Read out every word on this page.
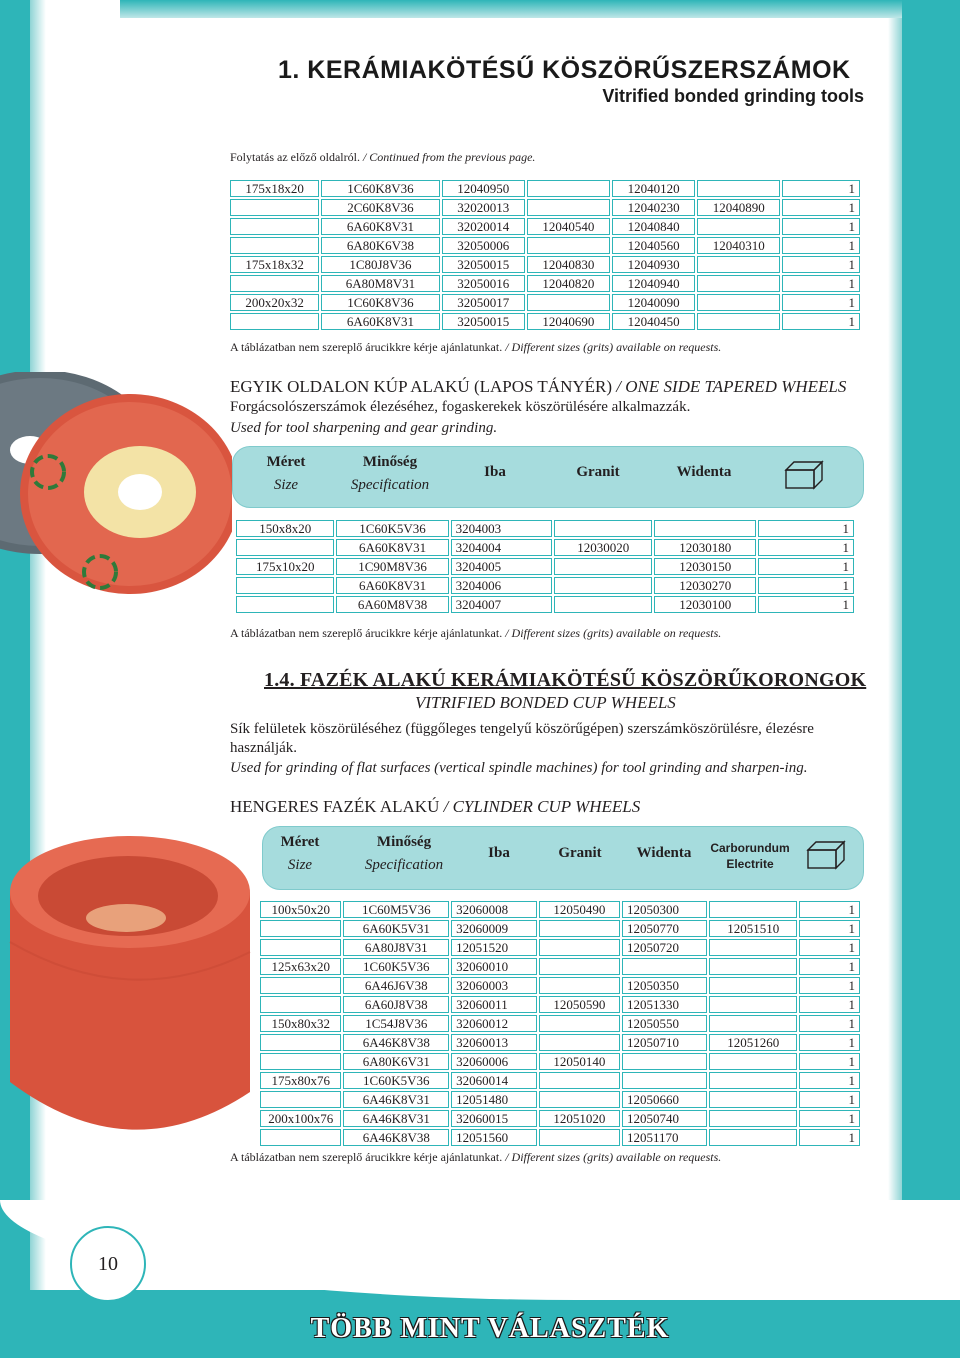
1. KERÁMIAKÖTÉSŰ KÖSZÖRŰSZERSZÁMOK
Vitrified bonded grinding tools
Folytatás az előző oldalról. / Continued from the previous page.
175x18x20	1C60K8V36	12040950		12040120		1
	2C60K8V36	32020013		12040230	12040890	1
	6A60K8V31	32020014	12040540	12040840		1
	6A80K6V38	32050006		12040560	12040310	1
175x18x32	1C80J8V36	32050015	12040830	12040930		1
	6A80M8V31	32050016	12040820	12040940		1
200x20x32	1C60K8V36	32050017		12040090		1
	6A60K8V31	32050015	12040690	12040450		1
A táblázatban nem szereplő árucikkre kérje ajánlatunkat. / Different sizes (grits) available on requests.
EGYIK OLDALON KÚP ALAKÚ (LAPOS TÁNYÉR) / ONE SIDE TAPERED WHEELS
Forgácsolószerszámok élezéséhez, fogaskerekek köszörülésére alkalmazzák.
Used for tool sharpening and gear grinding.
Méret
Size
Minőség
Specification
Iba	Granit	Widenta
150x8x20	1C60K5V36	3204003			1
	6A60K8V31	3204004	12030020	12030180	1
175x10x20	1C90M8V36	3204005		12030150	1
	6A60K8V31	3204006		12030270	1
	6A60M8V38	3204007		12030100	1
A táblázatban nem szereplő árucikkre kérje ajánlatunkat. / Different sizes (grits) available on requests.
1.4. FAZÉK ALAKÚ KERÁMIAKÖTÉSŰ KÖSZÖRŰKORONGOK
VITRIFIED BONDED CUP WHEELS
Sík felületek köszörüléséhez (függőleges tengelyű köszörűgépen) szerszámköszörülésre, élezésre használják.
Used for grinding of flat surfaces (vertical spindle machines) for tool grinding and sharpen-ing.
HENGERES FAZÉK ALAKÚ / CYLINDER CUP WHEELS
Méret
Size
Minőség
Specification
Iba	Granit	Widenta	Carborundum
Electrite
100x50x20	1C60M5V36	32060008	12050490	12050300		1
	6A60K5V31	32060009		12050770	12051510	1
	6A80J8V31	12051520		12050720		1
125x63x20	1C60K5V36	32060010				1
	6A46J6V38	32060003		12050350		1
	6A60J8V38	32060011	12050590	12051330		1
150x80x32	1C54J8V36	32060012		12050550		1
	6A46K8V38	32060013		12050710	12051260	1
	6A80K6V31	32060006	12050140			1
175x80x76	1C60K5V36	32060014				1
	6A46K8V31	12051480		12050660		1
200x100x76	6A46K8V31	32060015	12051020	12050740		1
	6A46K8V38	12051560		12051170		1
A táblázatban nem szereplő árucikkre kérje ajánlatunkat. / Different sizes (grits) available on requests.
10
TÖBB MINT VÁLASZTÉK
